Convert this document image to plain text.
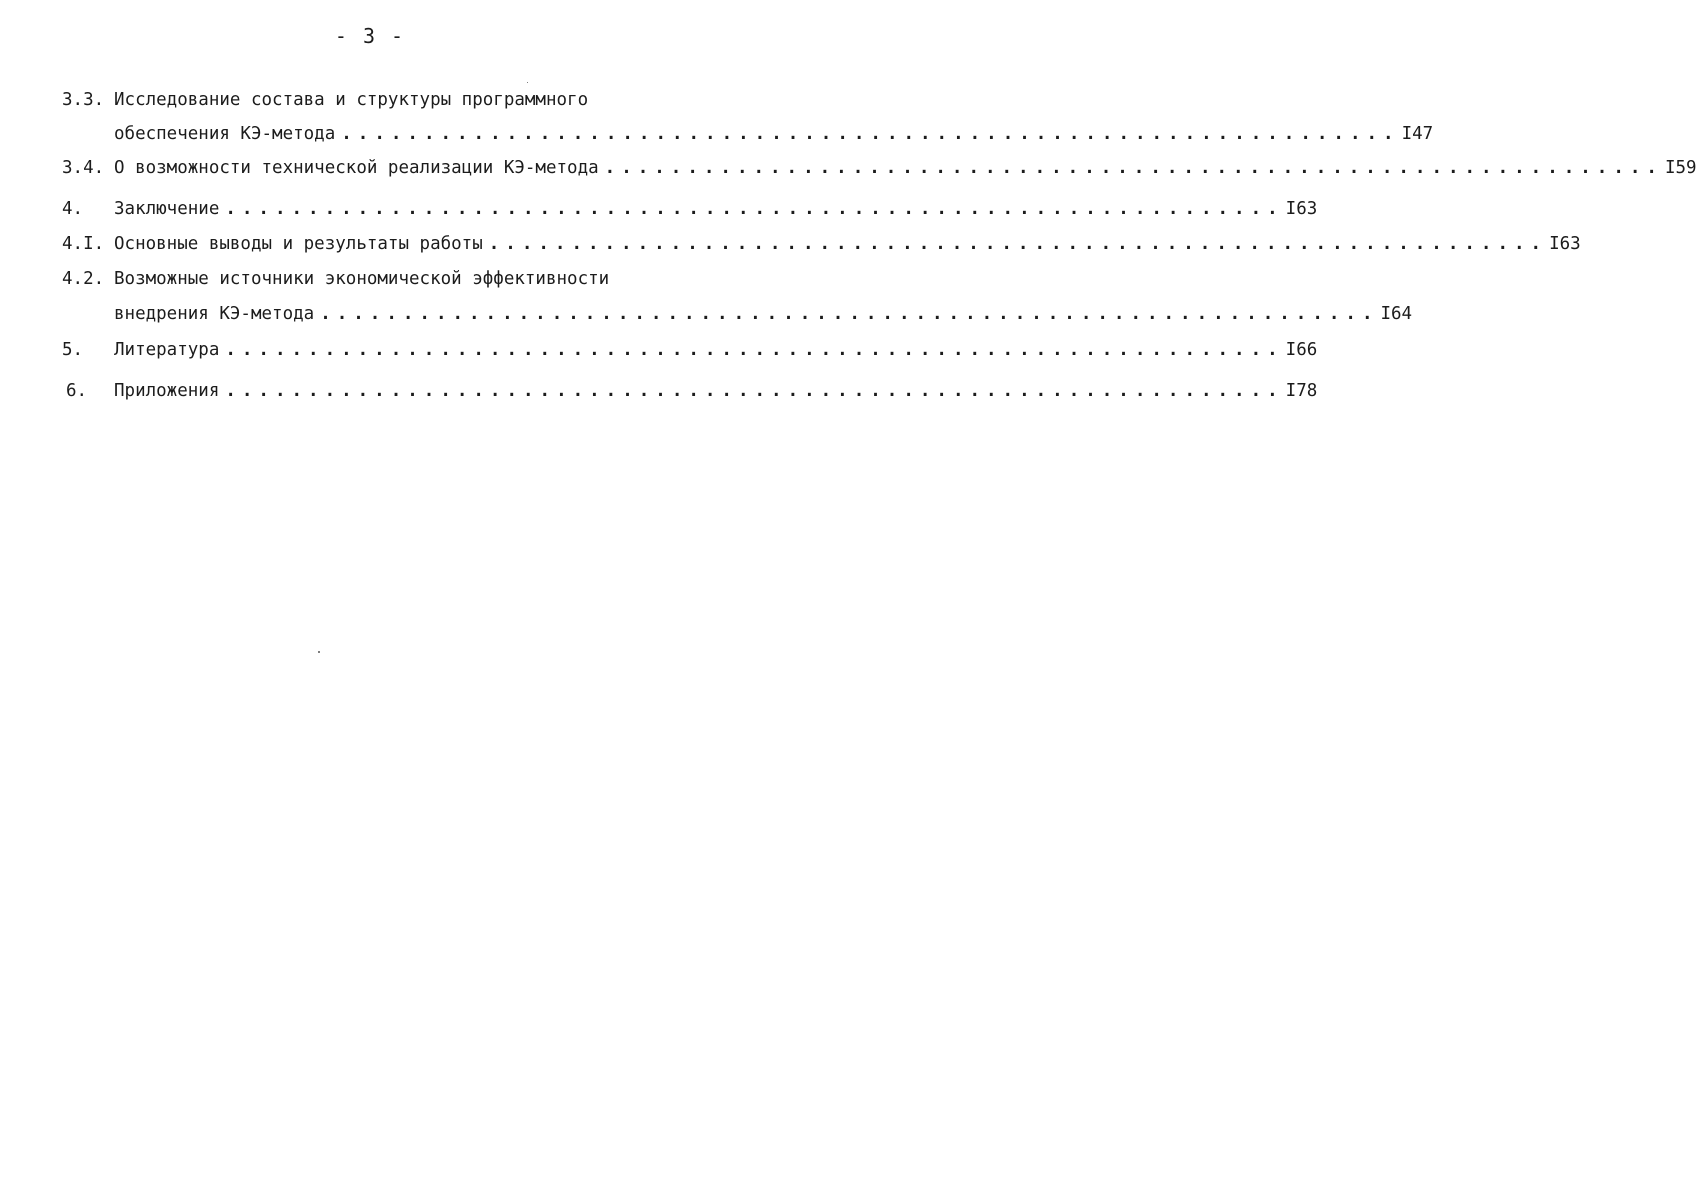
- 3 -
3.3. Исследование состава и структуры программного
обеспечения КЭ-метода ................................................................ I47
3.4. О возможности технической реализации КЭ-метода ................................................................ I59
4. Заключение ................................................................ I63
4.I. Основные выводы и результаты работы ................................................................ I63
4.2. Возможные источники экономической эффективности
внедрения КЭ-метода ................................................................ I64
5. Литература ................................................................ I66
6. Приложения ................................................................ I78
